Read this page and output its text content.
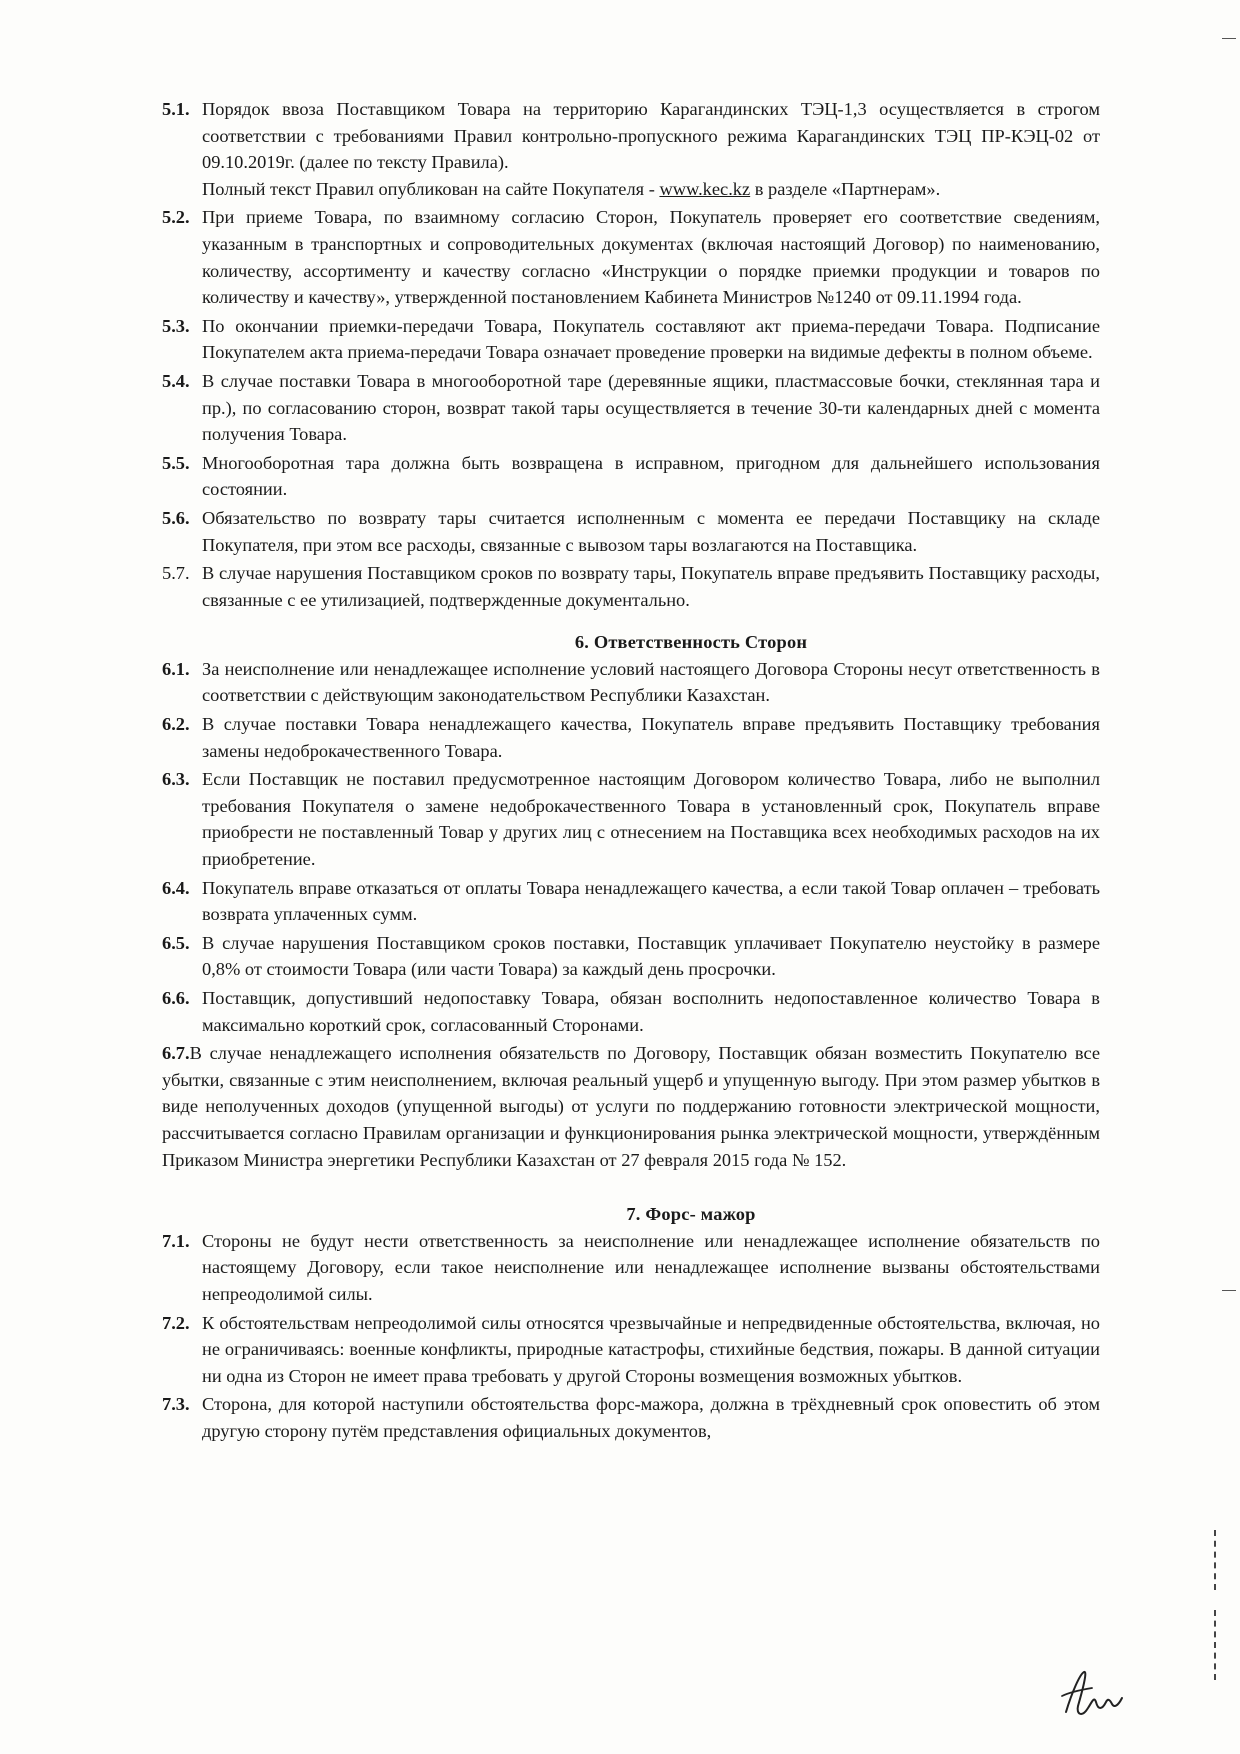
5.1. Порядок ввоза Поставщиком Товара на территорию Карагандинских ТЭЦ-1,3 осуществляется в строгом соответствии с требованиями Правил контрольно-пропускного режима Карагандинских ТЭЦ ПР-КЭЦ-02 от 09.10.2019г. (далее по тексту Правила).

Полный текст Правил опубликован на сайте Покупателя - www.kec.kz в разделе «Партнерам».

5.2. При приеме Товара, по взаимному согласию Сторон, Покупатель проверяет его соответствие сведениям, указанным в транспортных и сопроводительных документах (включая настоящий Договор) по наименованию, количеству, ассортименту и качеству согласно «Инструкции о порядке приемки продукции и товаров по количеству и качеству», утвержденной постановлением Кабинета Министров №1240 от 09.11.1994 года.
5.3. По окончании приемки-передачи Товара, Покупатель составляют акт приема-передачи Товара. Подписание Покупателем акта приема-передачи Товара означает проведение проверки на видимые дефекты в полном объеме.
5.4. В случае поставки Товара в многооборотной таре (деревянные ящики, пластмассовые бочки, стеклянная тара и пр.), по согласованию сторон, возврат такой тары осуществляется в течение 30-ти календарных дней с момента получения Товара.
5.5. Многооборотная тара должна быть возвращена в исправном, пригодном для дальнейшего использования состоянии.
5.6. Обязательство по возврату тары считается исполненным с момента ее передачи Поставщику на складе Покупателя, при этом все расходы, связанные с вывозом тары возлагаются на Поставщика.
5.7. В случае нарушения Поставщиком сроков по возврату тары, Покупатель вправе предъявить Поставщику расходы, связанные с ее утилизацией, подтвержденные документально.
6. Ответственность Сторон
6.1. За неисполнение или ненадлежащее исполнение условий настоящего Договора Стороны несут ответственность в соответствии с действующим законодательством Республики Казахстан.
6.2. В случае поставки Товара ненадлежащего качества, Покупатель вправе предъявить Поставщику требования замены недоброкачественного Товара.
6.3. Если Поставщик не поставил предусмотренное настоящим Договором количество Товара, либо не выполнил требования Покупателя о замене недоброкачественного Товара в установленный срок, Покупатель вправе приобрести не поставленный Товар у других лиц с отнесением на Поставщика всех необходимых расходов на их приобретение.
6.4. Покупатель вправе отказаться от оплаты Товара ненадлежащего качества, а если такой Товар оплачен – требовать возврата уплаченных сумм.
6.5. В случае нарушения Поставщиком сроков поставки, Поставщик уплачивает Покупателю неустойку в размере 0,8% от стоимости Товара (или части Товара) за каждый день просрочки.
6.6. Поставщик, допустивший недопоставку Товара, обязан восполнить недопоставленное количество Товара в максимально короткий срок, согласованный Сторонами.
6.7.В случае ненадлежащего исполнения обязательств по Договору, Поставщик обязан возместить Покупателю все убытки, связанные с этим неисполнением, включая реальный ущерб и упущенную выгоду. При этом размер убытков в виде неполученных доходов (упущенной выгоды) от услуги по поддержанию готовности электрической мощности, рассчитывается согласно Правилам организации и функционирования рынка электрической мощности, утверждённым Приказом Министра энергетики Республики Казахстан от 27 февраля 2015 года № 152.
7. Форс- мажор
7.1. Стороны не будут нести ответственность за неисполнение или ненадлежащее исполнение обязательств по настоящему Договору, если такое неисполнение или ненадлежащее исполнение вызваны обстоятельствами непреодолимой силы.
7.2. К обстоятельствам непреодолимой силы относятся чрезвычайные и непредвиденные обстоятельства, включая, но не ограничиваясь: военные конфликты, природные катастрофы, стихийные бедствия, пожары. В данной ситуации ни одна из Сторон не имеет права требовать у другой Стороны возмещения возможных убытков.
7.3. Сторона, для которой наступили обстоятельства форс-мажора, должна в трёхдневный срок оповестить об этом другую сторону путём представления официальных документов,
